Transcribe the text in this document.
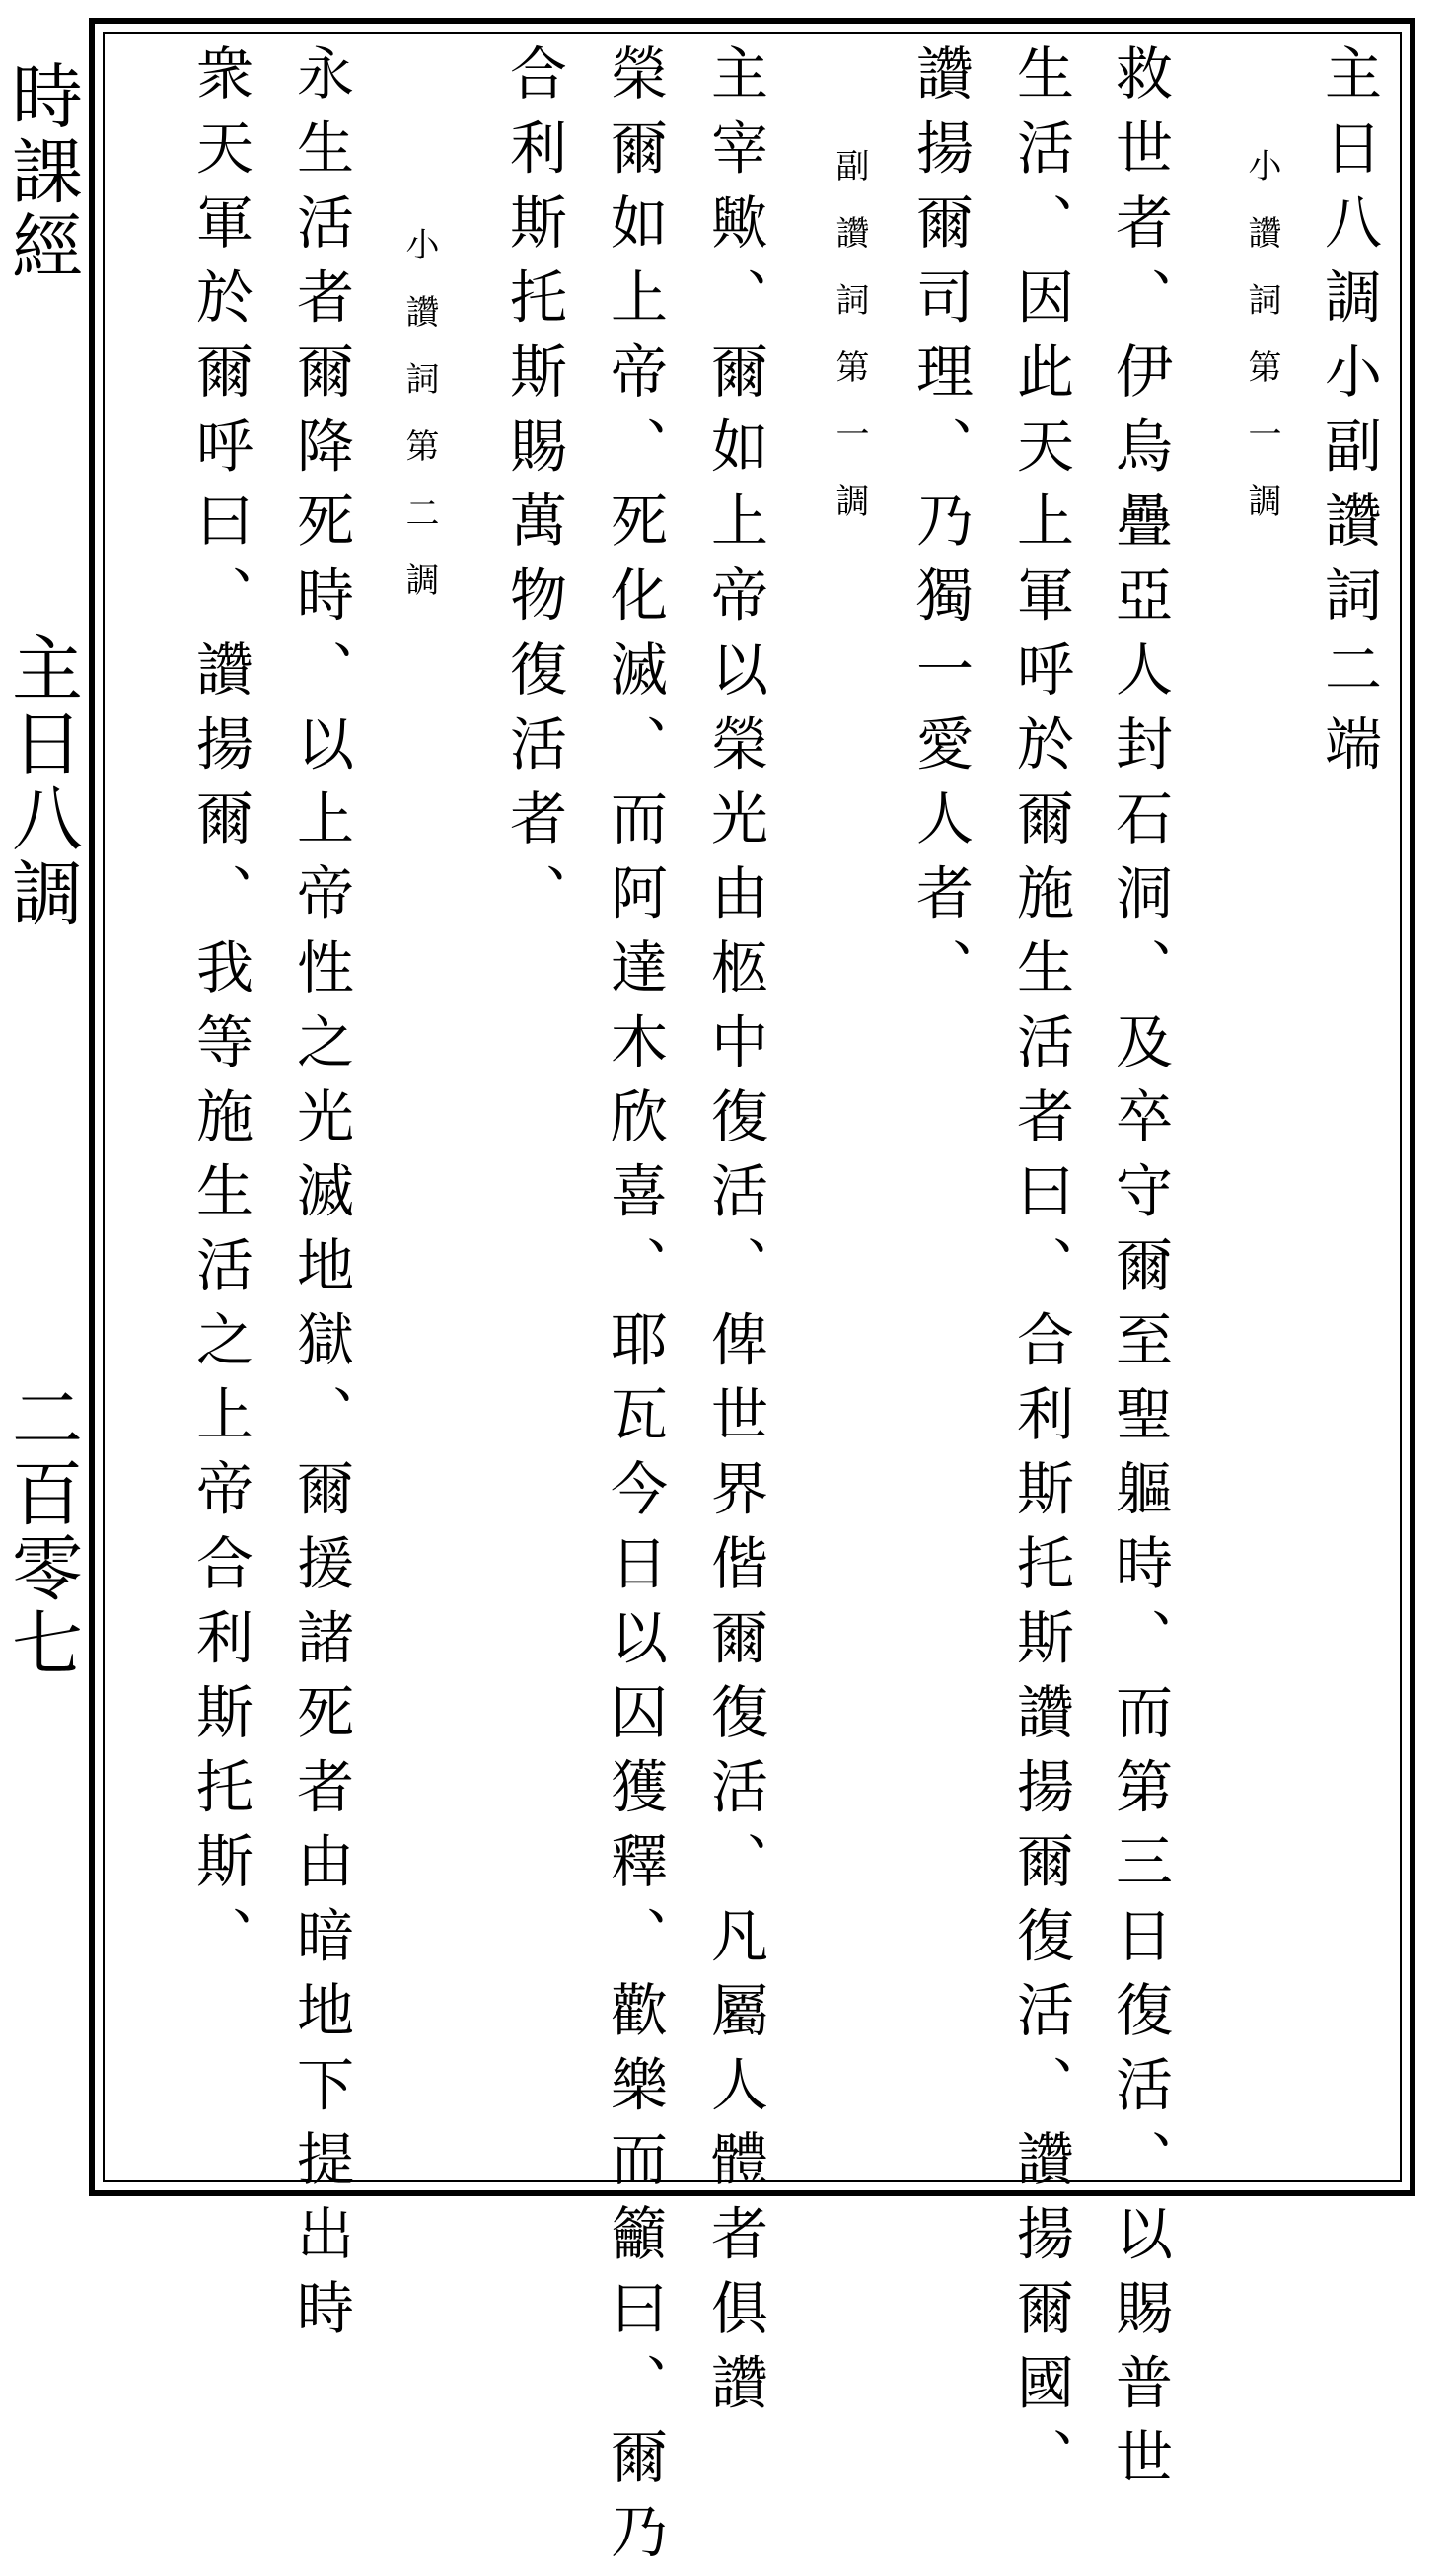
時課經
主日八調
二百零七
主日八調小副讚詞二端
小讚詞第一調
救世者、伊烏疊亞人封石洞、及卒守爾至聖軀時、而第三日復活、以賜普世
生活、因此天上軍呼於爾施生活者曰、合利斯托斯讚揚爾復活、讚揚爾國、
讚揚爾司理、乃獨一愛人者、
副讚詞第一調
主宰歟、爾如上帝以榮光由柩中復活、俾世界偕爾復活、凡屬人體者俱讚
榮爾如上帝、死化滅、而阿達木欣喜、耶瓦今日以囚獲釋、歡樂而籲曰、爾乃
合利斯托斯賜萬物復活者、
小讚詞第二調
永生活者爾降死時、以上帝性之光滅地獄、爾援諸死者由暗地下提出時
衆天軍於爾呼曰、讚揚爾、我等施生活之上帝合利斯托斯、
